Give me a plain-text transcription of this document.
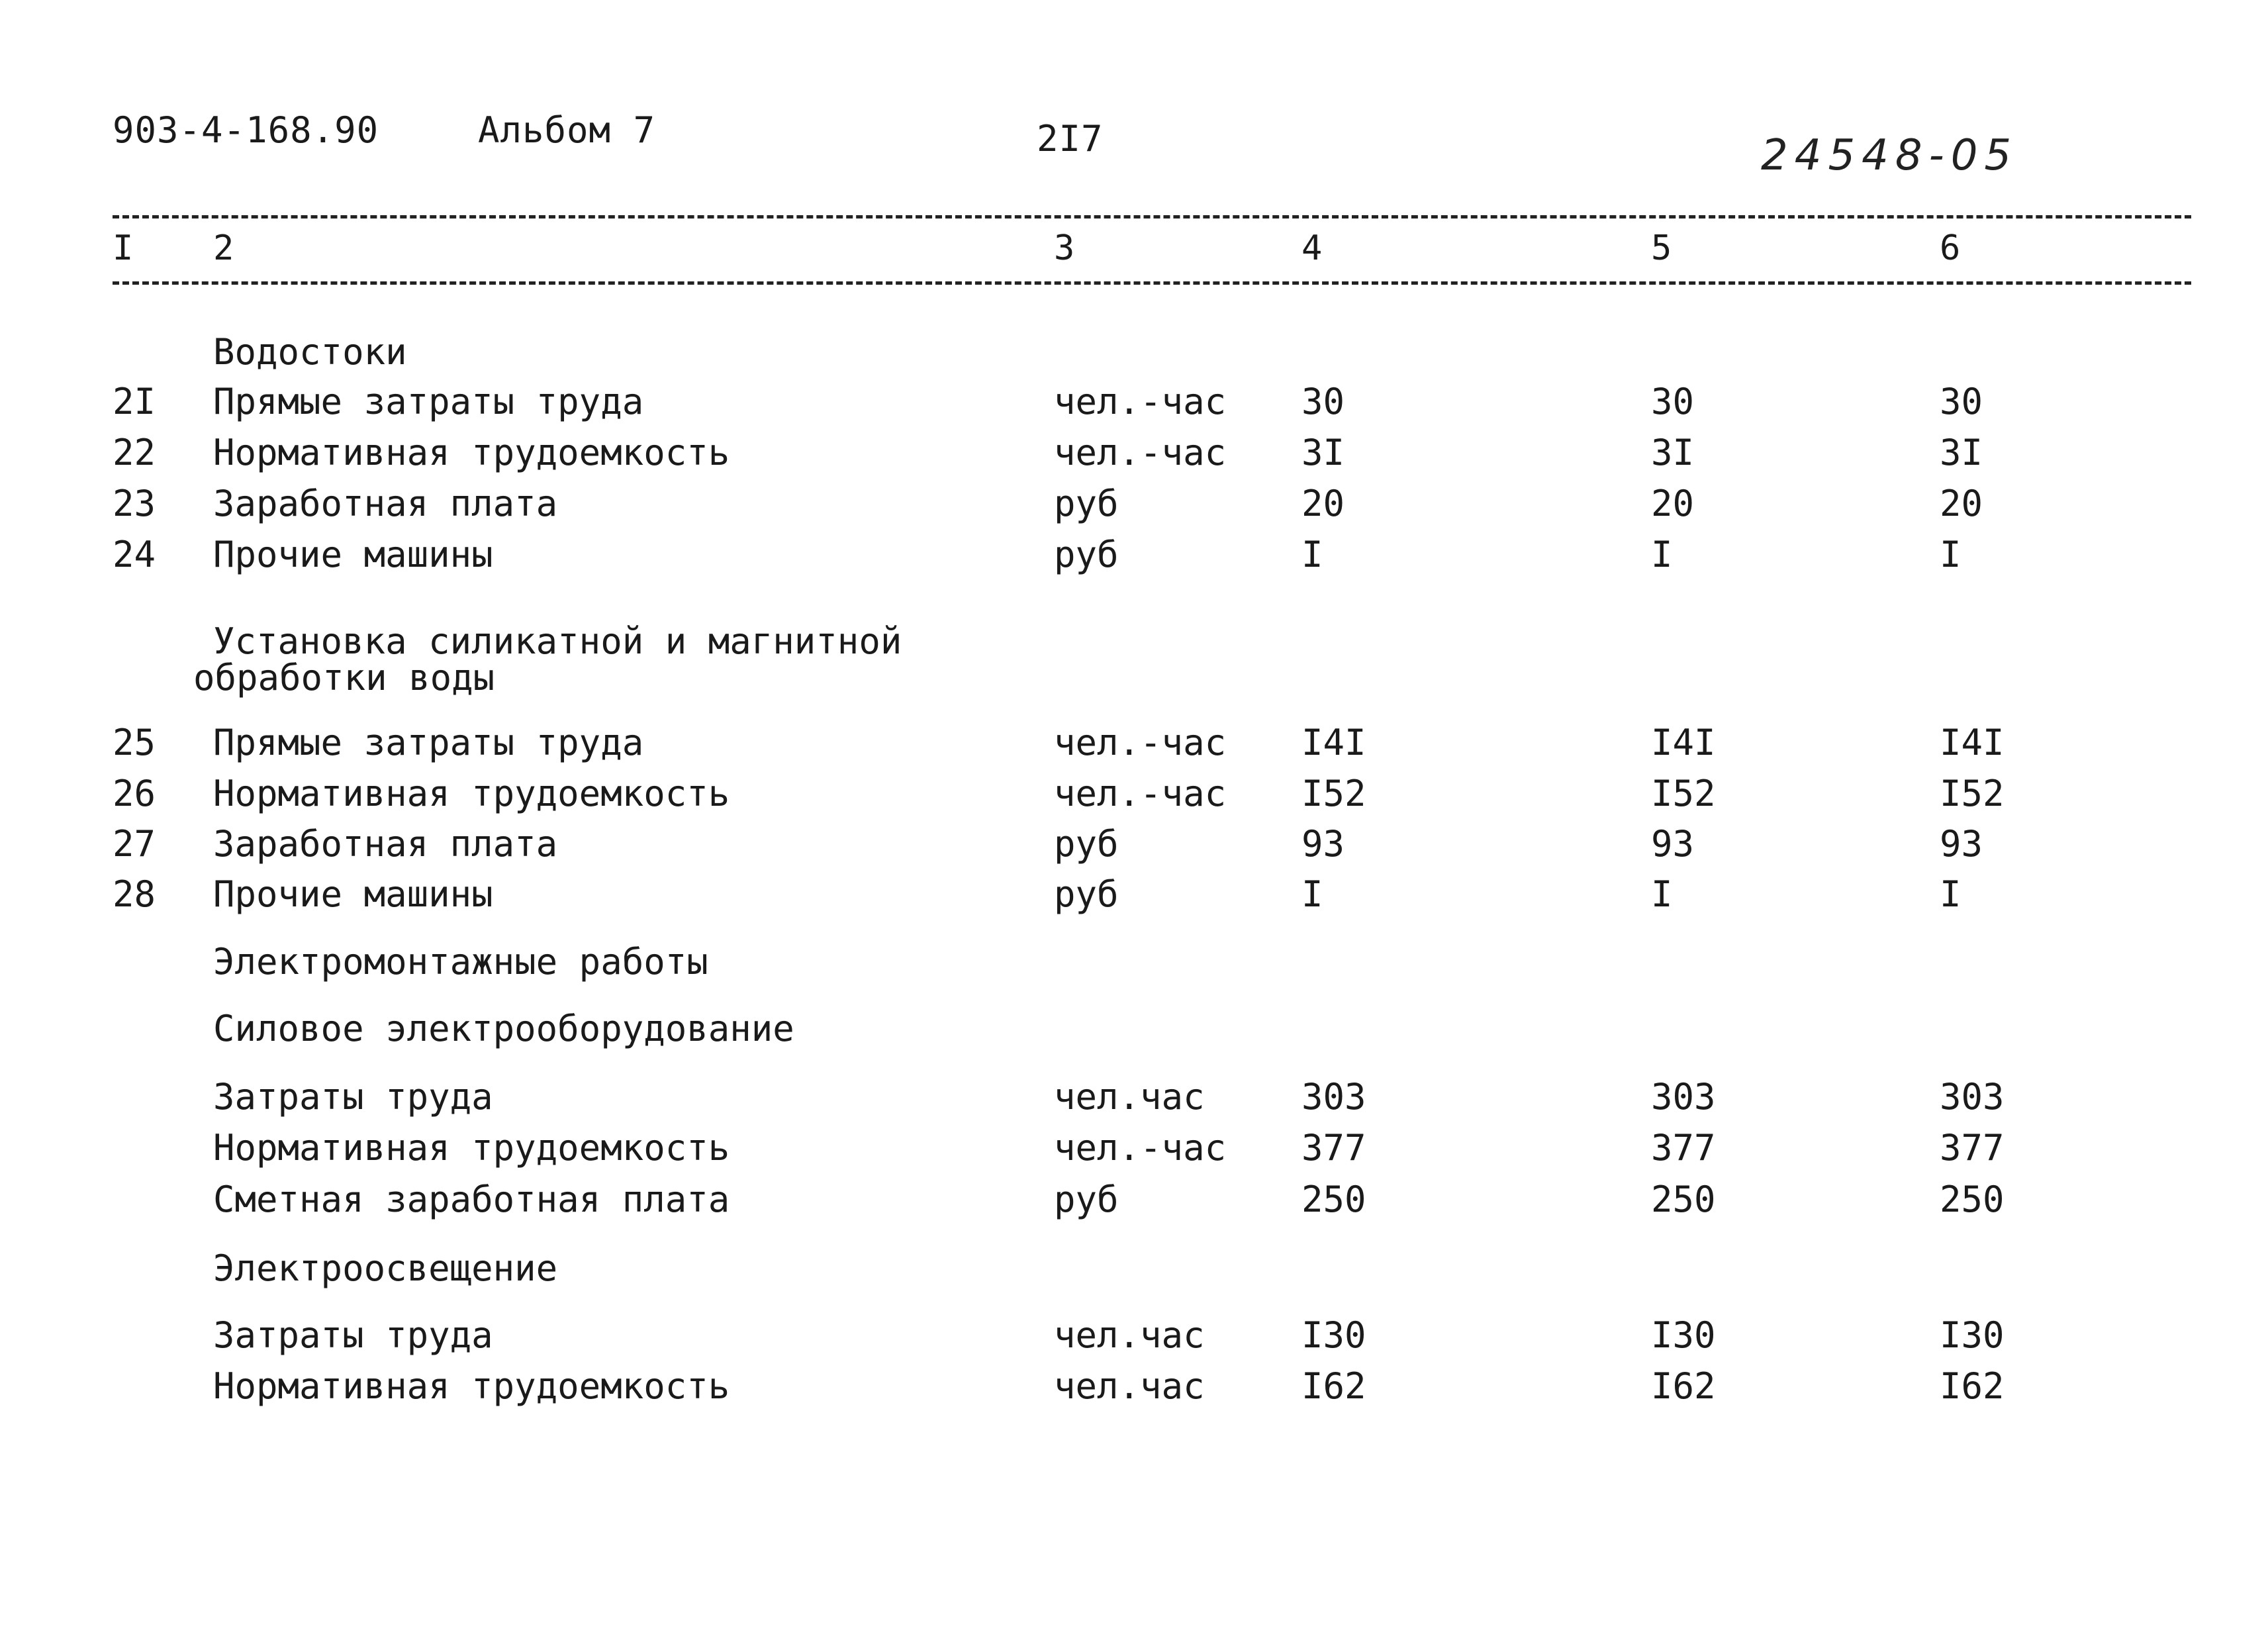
903-4-168.90	Альбом 7	2I7	24548-05
I 2	3	4	5	6
Водостоки
2I Прямые затраты труда	чел.-час 30	30	30
22 Нормативная трудоемкость	чел.-час 3I	3I	3I
23 Заработная плата	руб	20	20	20
24 Прочие машины	руб	I	I	I
Установка силикатной и магнитной
обработки воды
25 Прямые затраты труда	чел.-час I4I	I4I	I4I
26 Нормативная трудоемкость	чел.-час I52	I52	I52
27 Заработная плата	руб	93	93	93
28 Прочие машины	руб	I	I	I
Электромонтажные работы
Силовое электрооборудование
Затраты труда	чел.час	303	303	303
Нормативная трудоемкость	чел.-час 377	377	377
Сметная заработная плата	руб	250	250	250
Электроосвещение
Затраты труда	чел.час	I30	I30	I30
Нормативная трудоемкость	чел.час	I62	I62	I62
